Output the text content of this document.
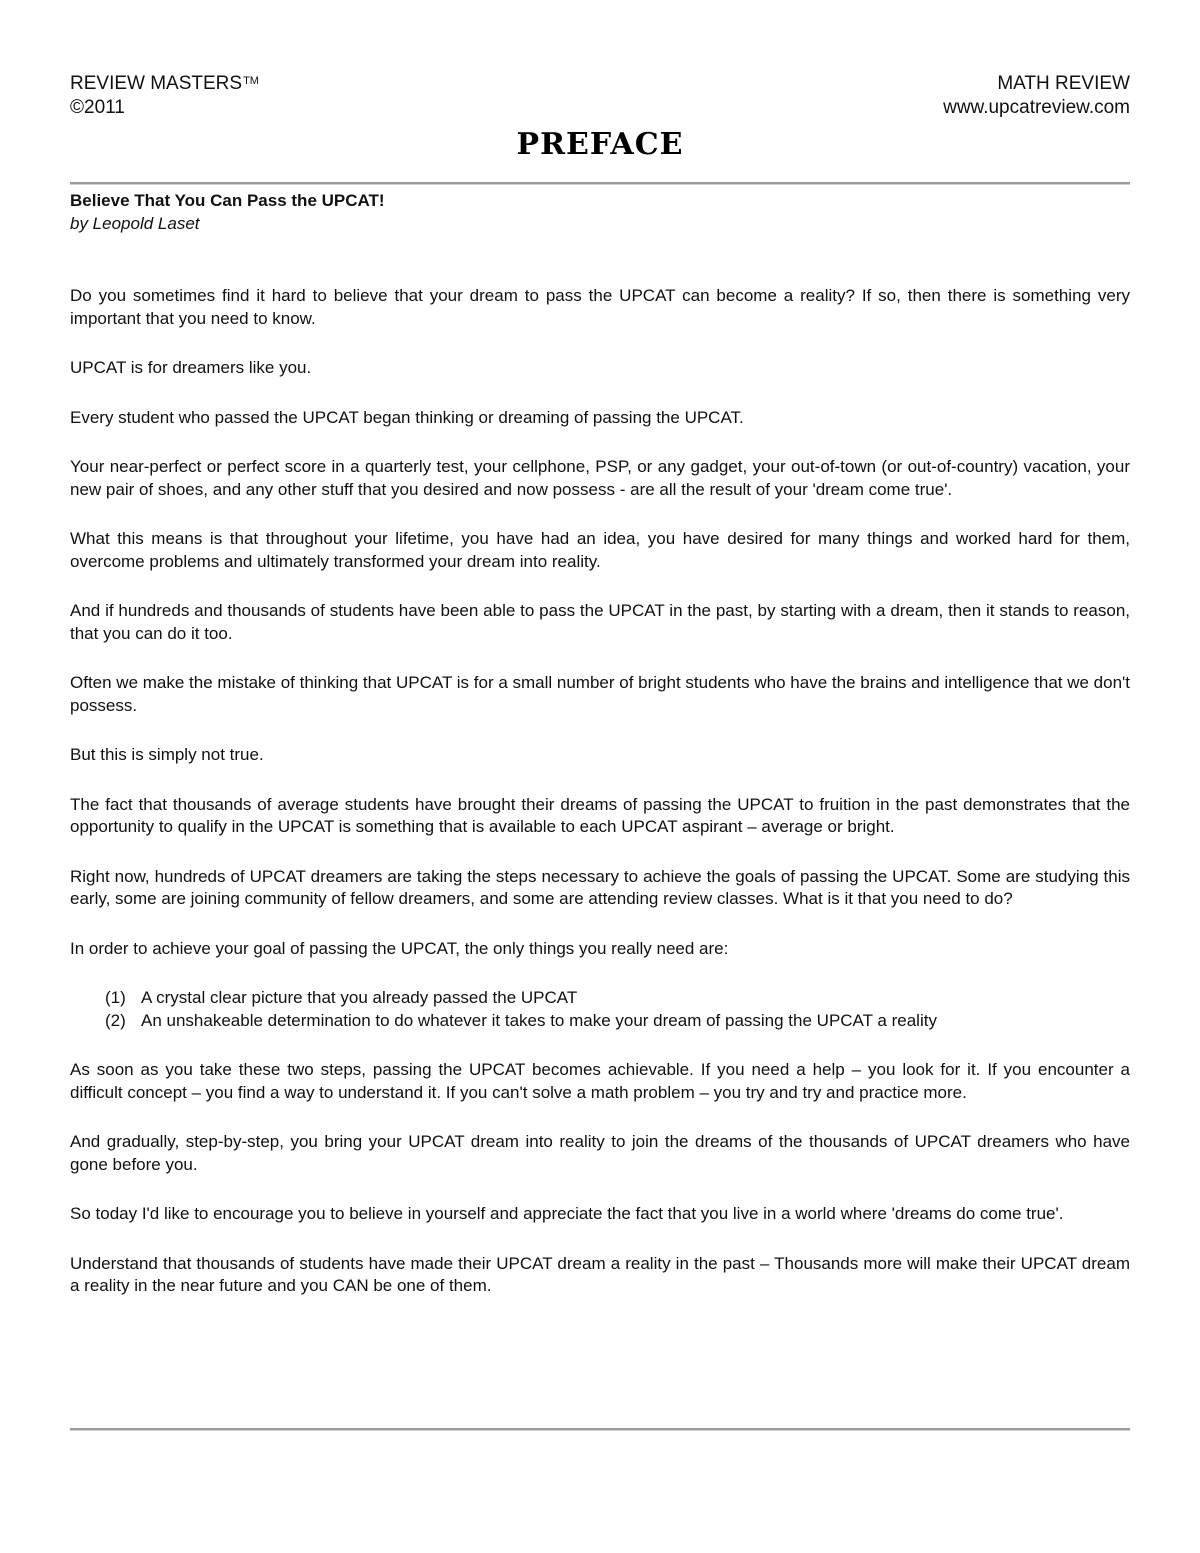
REVIEW MASTERS™
©2011
MATH REVIEW
www.upcatreview.com
PREFACE

Believe That You Can Pass the UPCAT!

by Leopold Laset

Do you sometimes find it hard to believe that your dream to pass the UPCAT can become a reality? If so, then there is something very important that you need to know.

UPCAT is for dreamers like you.

Every student who passed the UPCAT began thinking or dreaming of passing the UPCAT.

Your near-perfect or perfect score in a quarterly test, your cellphone, PSP, or any gadget, your out-of-town (or out-of-country) vacation, your new pair of shoes, and any other stuff that you desired and now possess - are all the result of your 'dream come true'.

What this means is that throughout your lifetime, you have had an idea, you have desired for many things and worked hard for them, overcome problems and ultimately transformed your dream into reality.

And if hundreds and thousands of students have been able to pass the UPCAT in the past, by starting with a dream, then it stands to reason, that you can do it too.

Often we make the mistake of thinking that UPCAT is for a small number of bright students who have the brains and intelligence that we don't possess.

But this is simply not true.

The fact that thousands of average students have brought their dreams of passing the UPCAT to fruition in the past demonstrates that the opportunity to qualify in the UPCAT is something that is available to each UPCAT aspirant – average or bright.

Right now, hundreds of UPCAT dreamers are taking the steps necessary to achieve the goals of passing the UPCAT. Some are studying this early, some are joining community of fellow dreamers, and some are attending review classes. What is it that you need to do?

In order to achieve your goal of passing the UPCAT, the only things you really need are:

(1) A crystal clear picture that you already passed the UPCAT
(2) An unshakeable determination to do whatever it takes to make your dream of passing the UPCAT a reality

As soon as you take these two steps, passing the UPCAT becomes achievable. If you need a help – you look for it. If you encounter a difficult concept – you find a way to understand it. If you can't solve a math problem – you try and try and practice more.

And gradually, step-by-step, you bring your UPCAT dream into reality to join the dreams of the thousands of UPCAT dreamers who have gone before you.

So today I'd like to encourage you to believe in yourself and appreciate the fact that you live in a world where 'dreams do come true'.

Understand that thousands of students have made their UPCAT dream a reality in the past – Thousands more will make their UPCAT dream a reality in the near future and you CAN be one of them.
